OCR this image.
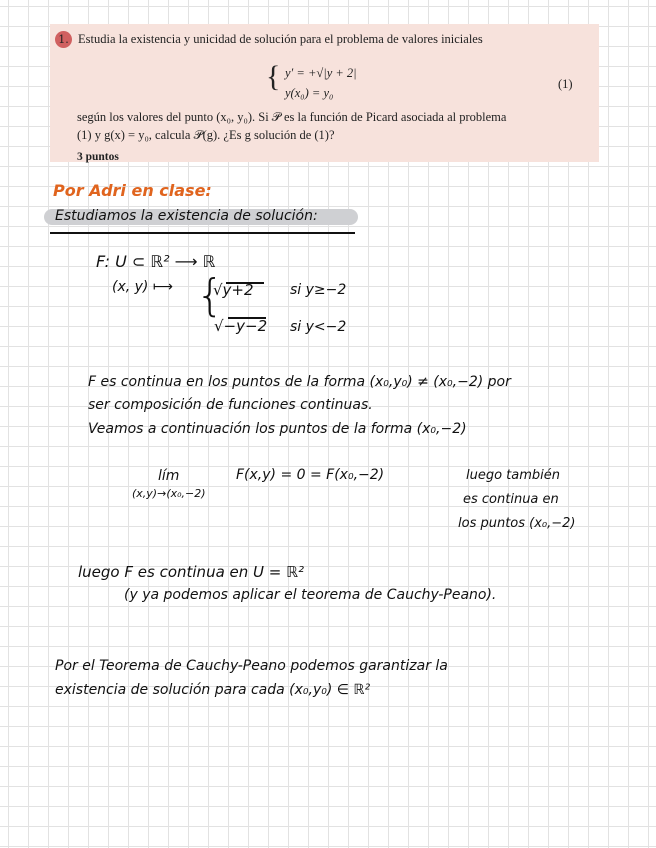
1. Estudia la existencia y unicidad de solución para el problema de valores iniciales
{ y′ = +√|y + 2|
y(x₀) = y₀
(1)
según los valores del punto (x₀, y₀). Si 𝒫 es la función de Picard asociada al problema
(1) y g(x) = y₀, calcula 𝒫(g). ¿Es g solución de (1)?
3 puntos
Por Adri en clase:
Estudiamos la existencia de solución:
F: U ⊂ ℝ² ⟶ ℝ
(x, y) ⟼ {
√y+2	si y≥−2
√−y−2 si y<−2
F es continua en los puntos de la forma (x₀,y₀) ≠ (x₀,−2) por
ser composición de funciones continuas.
Veamos a continuación los puntos de la forma (x₀,−2)
lím
(x,y)→(x₀,−2)
F(x,y) = 0 = F(x₀,−2)	luego también
es continua en
los puntos (x₀,−2)
luego F es continua en U = ℝ²
(y ya podemos aplicar el teorema de Cauchy-Peano).
Por el Teorema de Cauchy-Peano podemos garantizar la
existencia de solución para cada (x₀,y₀) ∈ ℝ²
